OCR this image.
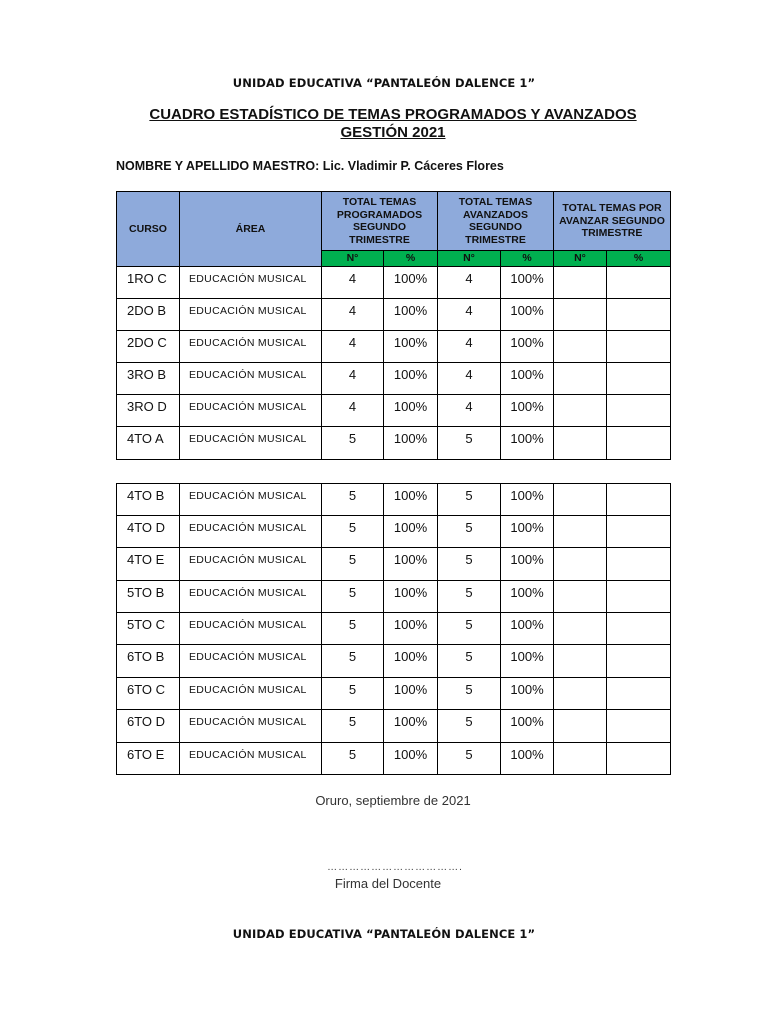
UNIDAD EDUCATIVA “PANTALEÓN DALENCE 1”
CUADRO ESTADÍSTICO DE TEMAS PROGRAMADOS Y AVANZADOS
GESTIÓN 2021
NOMBRE Y APELLIDO MAESTRO: Lic. Vladimir P. Cáceres Flores
CURSO	ÁREA	TOTAL TEMAS PROGRAMADOS SEGUNDO TRIMESTRE		TOTAL TEMAS AVANZADOS SEGUNDO TRIMESTRE		TOTAL TEMAS POR AVANZAR SEGUNDO TRIMESTRE	
		N°	%	N°	%	N°	%
1RO C	EDUCACIÓN MUSICAL	4	100%	4	100%		
2DO B	EDUCACIÓN MUSICAL	4	100%	4	100%		
2DO C	EDUCACIÓN MUSICAL	4	100%	4	100%		
3RO B	EDUCACIÓN MUSICAL	4	100%	4	100%		
3RO D	EDUCACIÓN MUSICAL	4	100%	4	100%		
4TO A	EDUCACIÓN MUSICAL	5	100%	5	100%		
4TO B	EDUCACIÓN MUSICAL	5	100%	5	100%		
4TO D	EDUCACIÓN MUSICAL	5	100%	5	100%		
4TO E	EDUCACIÓN MUSICAL	5	100%	5	100%		
5TO B	EDUCACIÓN MUSICAL	5	100%	5	100%		
5TO C	EDUCACIÓN MUSICAL	5	100%	5	100%		
6TO B	EDUCACIÓN MUSICAL	5	100%	5	100%		
6TO C	EDUCACIÓN MUSICAL	5	100%	5	100%		
6TO D	EDUCACIÓN MUSICAL	5	100%	5	100%		
6TO E	EDUCACIÓN MUSICAL	5	100%	5	100%		
Oruro, septiembre de 2021
……………………………….
Firma del Docente
UNIDAD EDUCATIVA “PANTALEÓN DALENCE 1”
